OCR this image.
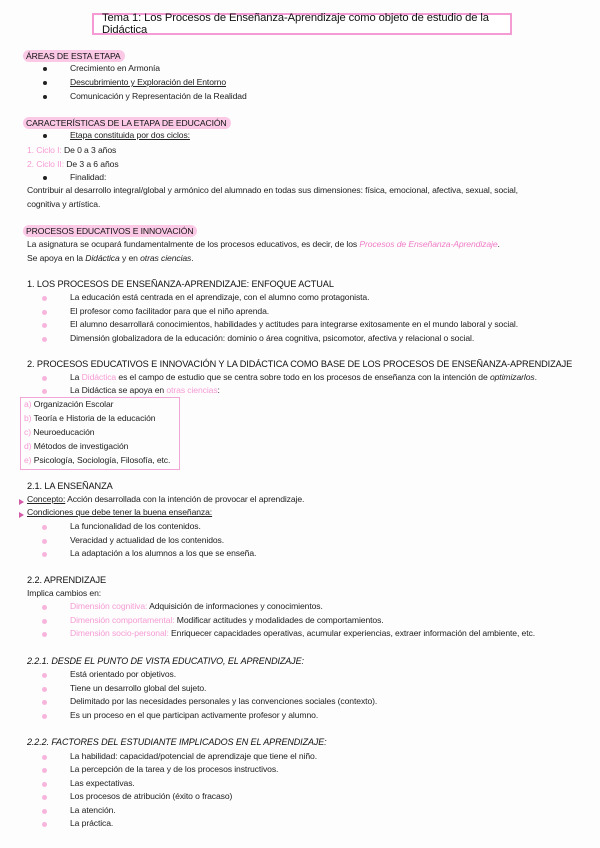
Tema 1: Los Procesos de Enseñanza-Aprendizaje como objeto de estudio de la Didáctica
ÁREAS DE ESTA ETAPA
Crecimiento en Armonía
Descubrimiento y Exploración del Entorno
Comunicación y Representación de la Realidad
CARACTERÍSTICAS DE LA ETAPA DE EDUCACIÓN
Etapa constituida por dos ciclos:
1. Ciclo I: De 0 a 3 años
2. Ciclo II: De 3 a 6 años
Finalidad:
Contribuir al desarrollo integral/global y armónico del alumnado en todas sus dimensiones: física, emocional, afectiva, sexual, social,
cognitiva y artística.
PROCESOS EDUCATIVOS E INNOVACIÓN
La asignatura se ocupará fundamentalmente de los procesos educativos, es decir, de los Procesos de Enseñanza-Aprendizaje.
Se apoya en la Didáctica y en otras ciencias.
1. LOS PROCESOS DE ENSEÑANZA-APRENDIZAJE: ENFOQUE ACTUAL
La educación está centrada en el aprendizaje, con el alumno como protagonista.
El profesor como facilitador para que el niño aprenda.
El alumno desarrollará conocimientos, habilidades y actitudes para integrarse exitosamente en el mundo laboral y social.
Dimensión globalizadora de la educación: dominio o área cognitiva, psicomotor, afectiva y relacional o social.
2. PROCESOS EDUCATIVOS E INNOVACIÓN Y LA DIDÁCTICA COMO BASE DE LOS PROCESOS DE ENSEÑANZA-APRENDIZAJE
La Didáctica es el campo de estudio que se centra sobre todo en los procesos de enseñanza con la intención de optimizarlos.
La Didáctica se apoya en otras ciencias:
a) Organización Escolar
b) Teoría e Historia de la educación
c) Neuroeducación
d) Métodos de investigación
e) Psicología, Sociología, Filosofía, etc.
2.1. LA ENSEÑANZA
Concepto: Acción desarrollada con la intención de provocar el aprendizaje.
Condiciones que debe tener la buena enseñanza:
La funcionalidad de los contenidos.
Veracidad y actualidad de los contenidos.
La adaptación a los alumnos a los que se enseña.
2.2. APRENDIZAJE
Implica cambios en:
Dimensión cognitiva: Adquisición de informaciones y conocimientos.
Dimensión comportamental: Modificar actitudes y modalidades de comportamientos.
Dimensión socio-personal: Enriquecer capacidades operativas, acumular experiencias, extraer información del ambiente, etc.
2.2.1. DESDE EL PUNTO DE VISTA EDUCATIVO, EL APRENDIZAJE:
Está orientado por objetivos.
Tiene un desarrollo global del sujeto.
Delimitado por las necesidades personales y las convenciones sociales (contexto).
Es un proceso en el que participan activamente profesor y alumno.
2.2.2. FACTORES DEL ESTUDIANTE IMPLICADOS EN EL APRENDIZAJE:
La habilidad: capacidad/potencial de aprendizaje que tiene el niño.
La percepción de la tarea y de los procesos instructivos.
Las expectativas.
Los procesos de atribución (éxito o fracaso)
La atención.
La práctica.
